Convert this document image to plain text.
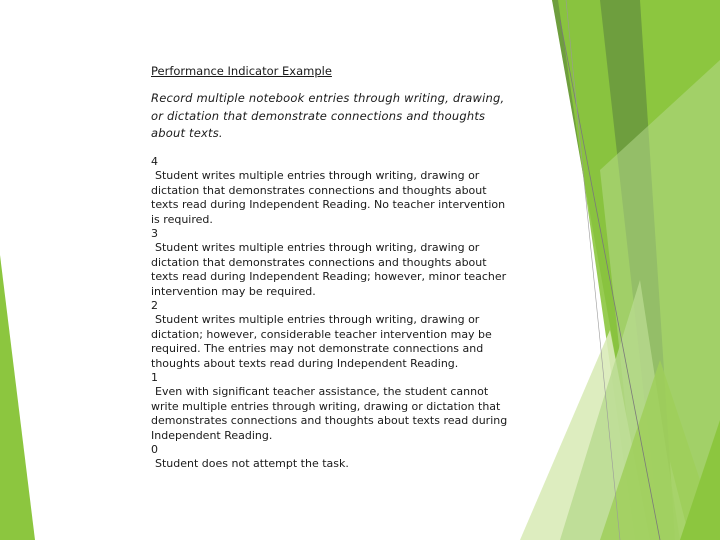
Performance Indicator Example

Record multiple notebook entries through writing, drawing, or dictation that demonstrate connections and thoughts about texts.

4

Student writes multiple entries through writing, drawing or dictation that demonstrates connections and thoughts about texts read during Independent Reading. No teacher intervention is required.

3

Student writes multiple entries through writing, drawing or dictation that demonstrates connections and thoughts about texts read during Independent Reading; however, minor teacher intervention may be required.

2

Student writes multiple entries through writing, drawing or dictation; however, considerable teacher intervention may be required. The entries may not demonstrate connections and thoughts about texts read during Independent Reading.

1

Even with significant teacher assistance, the student cannot write multiple entries through writing, drawing or dictation that demonstrates connections and thoughts about texts read during Independent Reading.

0

Student does not attempt the task.
